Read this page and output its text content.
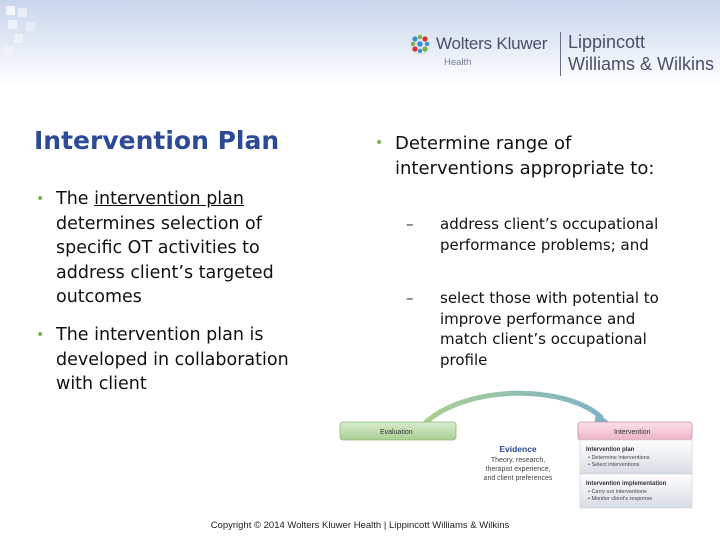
Wolters Kluwer
Health
Lippincott
Williams & Wilkins
Intervention Plan
• The intervention plan determines selection of specific OT activities to address client’s targeted outcomes
• The intervention plan is developed in collaboration with client
• Determine range of interventions appropriate to:
– address client’s occupational performance problems; and
– select those with potential to improve performance and match client’s occupational profile
Evaluation	Intervention
Intervention plan
• Determine interventions
• Select interventions
Intervention implementation
• Carry out interventions
• Monitor client’s response
Evidence
Theory, research,
therapist experience,
and client preferences
Copyright © 2014 Wolters Kluwer Health | Lippincott Williams & Wilkins
